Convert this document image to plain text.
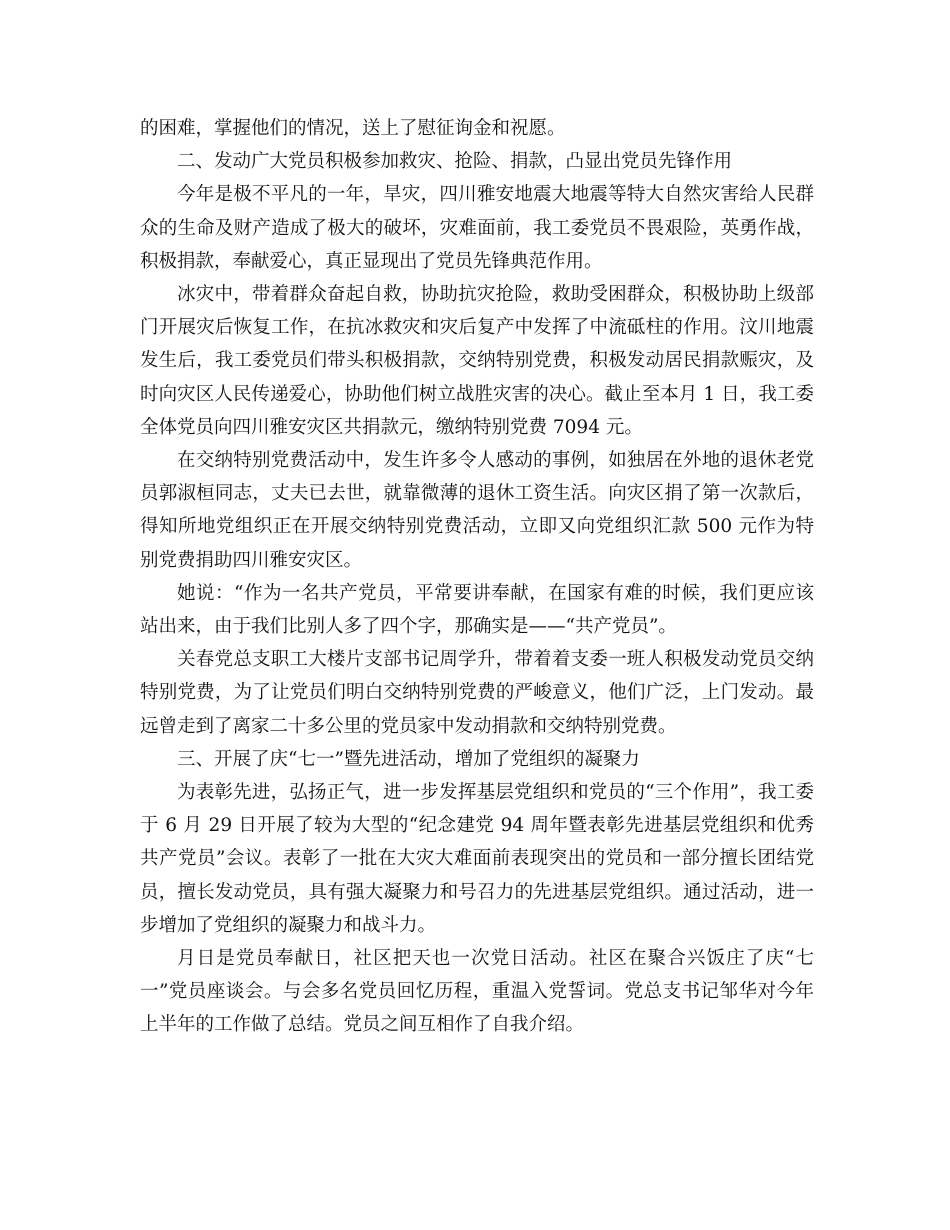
的困难，掌握他们的情况，送上了慰征询金和祝愿。

二、发动广大党员积极参加救灾、抢险、捐款，凸显出党员先锋作用

今年是极不平凡的一年，旱灾，四川雅安地震大地震等特大自然灾害给人民群众的生命及财产造成了极大的破坏，灾难面前，我工委党员不畏艰险，英勇作战，积极捐款，奉献爱心，真正显现出了党员先锋典范作用。

冰灾中，带着群众奋起自救，协助抗灾抢险，救助受困群众，积极协助上级部门开展灾后恢复工作，在抗冰救灾和灾后复产中发挥了中流砥柱的作用。汶川地震发生后，我工委党员们带头积极捐款，交纳特别党费，积极发动居民捐款赈灾，及时向灾区人民传递爱心，协助他们树立战胜灾害的决心。截止至本月 1 日，我工委全体党员向四川雅安灾区共捐款元，缴纳特别党费 7094 元。

在交纳特别党费活动中，发生许多令人感动的事例，如独居在外地的退休老党员郭淑桓同志，丈夫已去世，就靠微薄的退休工资生活。向灾区捐了第一次款后，得知所地党组织正在开展交纳特别党费活动，立即又向党组织汇款 500 元作为特别党费捐助四川雅安灾区。

她说：“作为一名共产党员，平常要讲奉献，在国家有难的时候，我们更应该站出来，由于我们比别人多了四个字，那确实是——“共产党员”。

关春党总支职工大楼片支部书记周学升，带着着支委一班人积极发动党员交纳特别党费，为了让党员们明白交纳特别党费的严峻意义，他们广泛，上门发动。最远曾走到了离家二十多公里的党员家中发动捐款和交纳特别党费。

三、开展了庆“七一”暨先进活动，增加了党组织的凝聚力

为表彰先进，弘扬正气，进一步发挥基层党组织和党员的“三个作用”，我工委于 6 月 29 日开展了较为大型的“纪念建党 94 周年暨表彰先进基层党组织和优秀共产党员”会议。表彰了一批在大灾大难面前表现突出的党员和一部分擅长团结党员，擅长发动党员，具有强大凝聚力和号召力的先进基层党组织。通过活动，进一步增加了党组织的凝聚力和战斗力。

月日是党员奉献日，社区把天也一次党日活动。社区在聚合兴饭庄了庆“七一”党员座谈会。与会多名党员回忆历程，重温入党誓词。党总支书记邹华对今年上半年的工作做了总结。党员之间互相作了自我介绍。
